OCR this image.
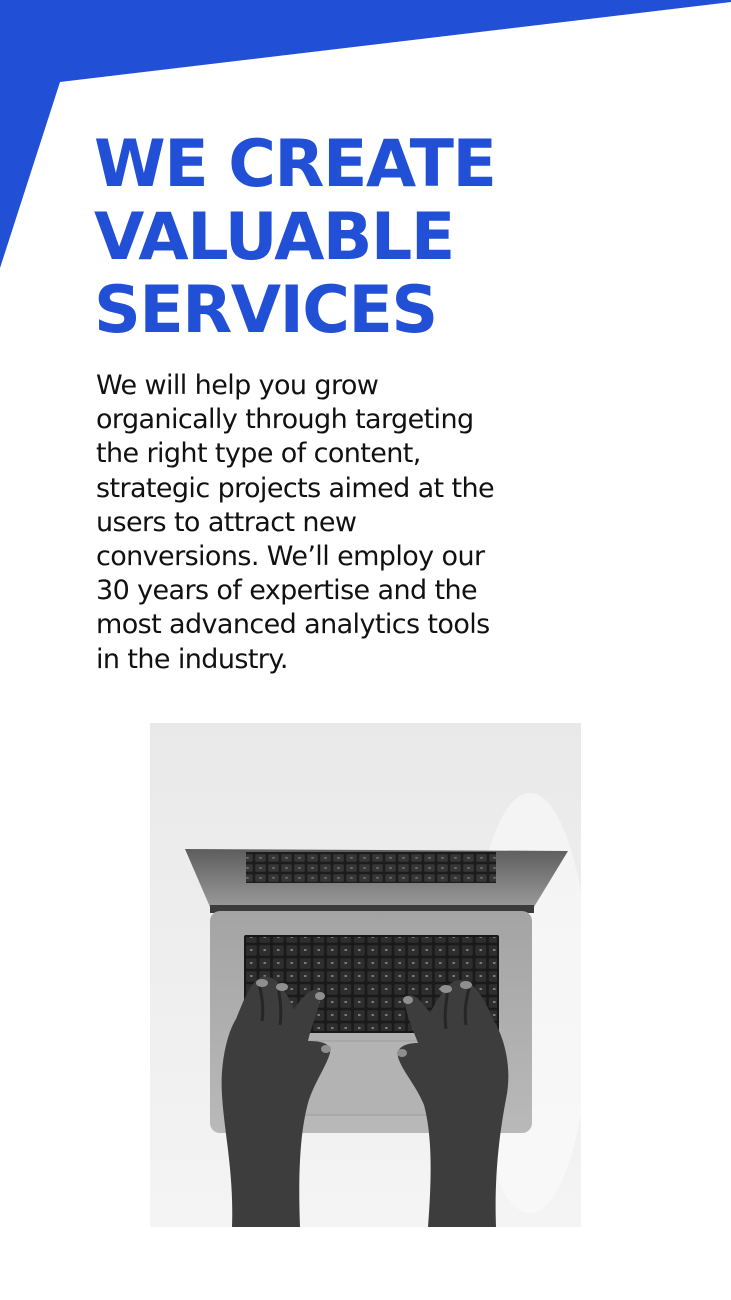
WE CREATE
VALUABLE
SERVICES

We will help you grow
organically through targeting
the right type of content,
strategic projects aimed at the
users to attract new
conversions. We’ll employ our
30 years of expertise and the
most advanced analytics tools
in the industry.
